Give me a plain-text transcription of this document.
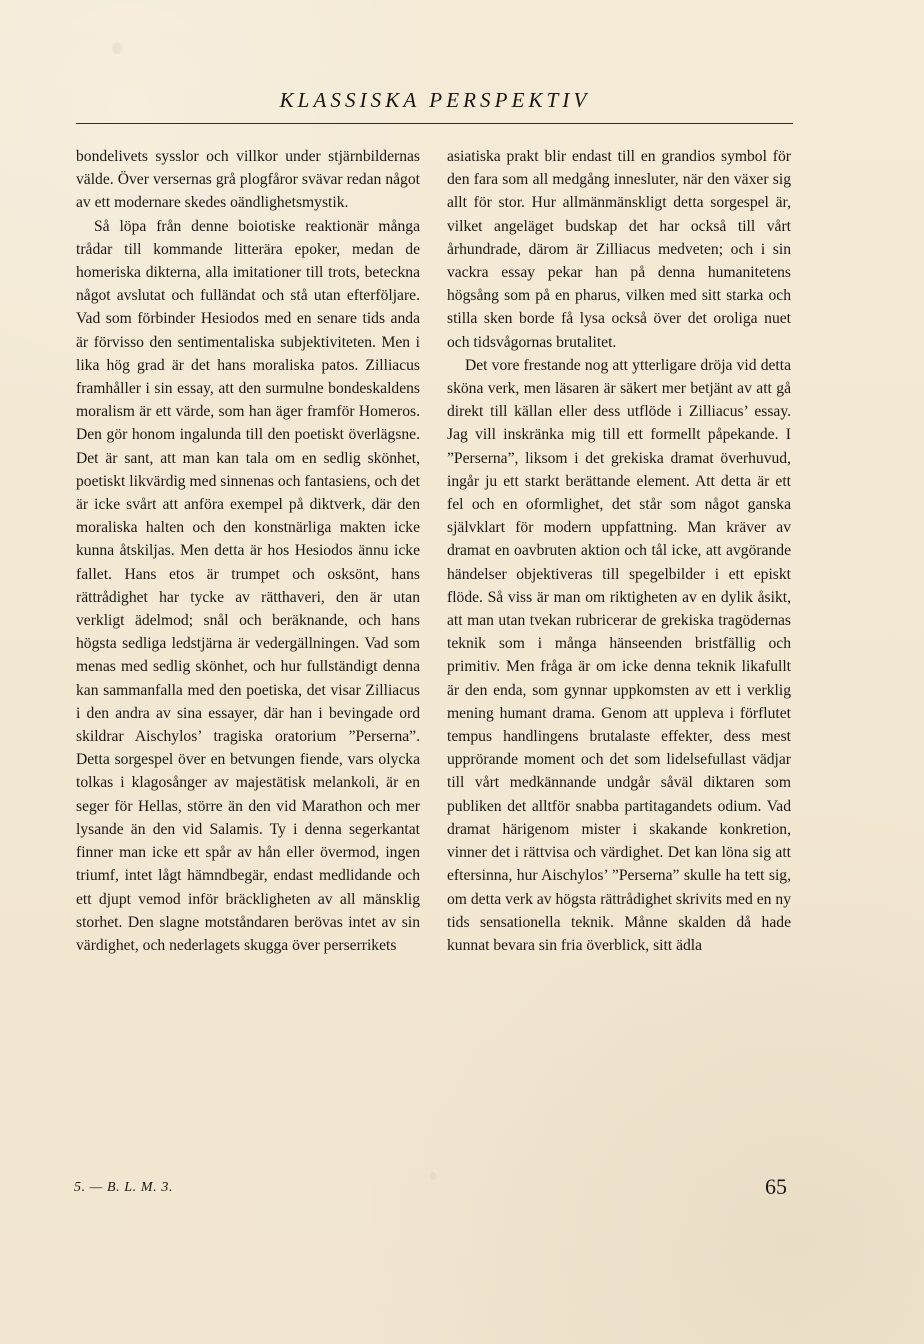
KLASSISKA PERSPEKTIV

bondelivets sysslor och villkor under stjärnbildernas välde. Över versernas grå plogfåror svävar redan något av ett modernare skedes oändlighetsmystik.

Så löpa från denne boiotiske reaktionär många trådar till kommande litterära epoker, medan de homeriska dikterna, alla imitationer till trots, beteckna något avslutat och fulländat och stå utan efterföljare. Vad som förbinder Hesiodos med en senare tids anda är förvisso den sentimentaliska subjektiviteten. Men i lika hög grad är det hans moraliska patos. Zilliacus framhåller i sin essay, att den surmulne bondeskaldens moralism är ett värde, som han äger framför Homeros. Den gör honom ingalunda till den poetiskt överlägsne. Det är sant, att man kan tala om en sedlig skönhet, poetiskt likvärdig med sinnenas och fantasiens, och det är icke svårt att anföra exempel på diktverk, där den moraliska halten och den konstnärliga makten icke kunna åtskiljas. Men detta är hos Hesiodos ännu icke fallet. Hans etos är trumpet och osksönt, hans rättrådighet har tycke av rätthaveri, den är utan verkligt ädelmod; snål och beräknande, och hans högsta sedliga ledstjärna är vedergällningen. Vad som menas med sedlig skönhet, och hur fullständigt denna kan sammanfalla med den poetiska, det visar Zilliacus i den andra av sina essayer, där han i bevingade ord skildrar Aischylos’ tragiska oratorium ”Perserna”. Detta sorgespel över en betvungen fiende, vars olycka tolkas i klagosånger av majestätisk melankoli, är en seger för Hellas, större än den vid Marathon och mer lysande än den vid Salamis. Ty i denna segerkantat finner man icke ett spår av hån eller övermod, ingen triumf, intet lågt hämndbegär, endast medlidande och ett djupt vemod inför bräckligheten av all mänsklig storhet. Den slagne motståndaren berövas intet av sin värdighet, och nederlagets skugga över perserrikets

asiatiska prakt blir endast till en grandios symbol för den fara som all medgång innesluter, när den växer sig allt för stor. Hur allmänmänskligt detta sorgespel är, vilket angeläget budskap det har också till vårt århundrade, därom är Zilliacus medveten; och i sin vackra essay pekar han på denna humanitetens högsång som på en pharus, vilken med sitt starka och stilla sken borde få lysa också över det oroliga nuet och tidsvågornas brutalitet.

Det vore frestande nog att ytterligare dröja vid detta sköna verk, men läsaren är säkert mer betjänt av att gå direkt till källan eller dess utflöde i Zilliacus’ essay. Jag vill inskränka mig till ett formellt påpekande. I ”Perserna”, liksom i det grekiska dramat överhuvud, ingår ju ett starkt berättande element. Att detta är ett fel och en oformlighet, det står som något ganska självklart för modern uppfattning. Man kräver av dramat en oavbruten aktion och tål icke, att avgörande händelser objektiveras till spegelbilder i ett episkt flöde. Så viss är man om riktigheten av en dylik åsikt, att man utan tvekan rubricerar de grekiska tragödernas teknik som i många hänseenden bristfällig och primitiv. Men fråga är om icke denna teknik likafullt är den enda, som gynnar uppkomsten av ett i verklig mening humant drama. Genom att uppleva i förflutet tempus handlingens brutalaste effekter, dess mest upprörande moment och det som lidelsefullast vädjar till vårt medkännande undgår såväl diktaren som publiken det alltför snabba partitagandets odium. Vad dramat härigenom mister i skakande konkretion, vinner det i rättvisa och värdighet. Det kan löna sig att eftersinna, hur Aischylos’ ”Perserna” skulle ha tett sig, om detta verk av högsta rättrådighet skrivits med en ny tids sensationella teknik. Månne skalden då hade kunnat bevara sin fria överblick, sitt ädla

5. — B. L. M. 3.	65
